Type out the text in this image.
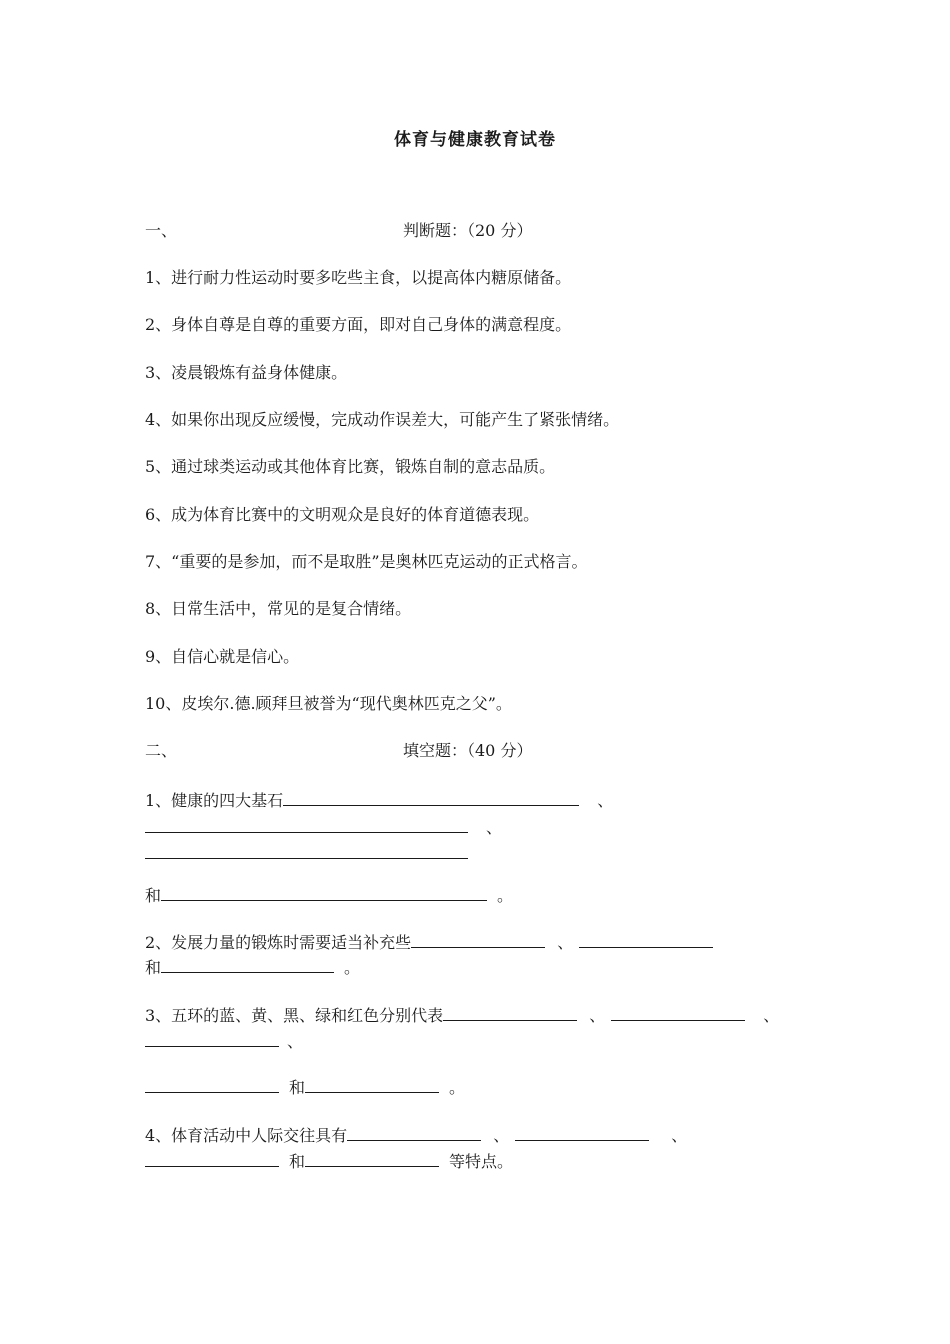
体育与健康教育试卷
一、	判断题：（20 分）
1、进行耐力性运动时要多吃些主食，以提高体内糖原储备。
2、身体自尊是自尊的重要方面，即对自己身体的满意程度。
3、凌晨锻炼有益身体健康。
4、如果你出现反应缓慢，完成动作误差大，可能产生了紧张情绪。
5、通过球类运动或其他体育比赛，锻炼自制的意志品质。
6、成为体育比赛中的文明观众是良好的体育道德表现。
7、“重要的是参加，而不是取胜”是奥林匹克运动的正式格言。
8、日常生活中，常见的是复合情绪。
9、自信心就是信心。
10、皮埃尔.德.顾拜旦被誉为“现代奥林匹克之父”。
二、	填空题：（40 分）
1、健康的四大基石	、
、
和	。
2、发展力量的锻炼时需要适当补充些	、
和	。
3、五环的蓝、黄、黑、绿和红色分别代表	、	、
、
和	。
4、体育活动中人际交往具有	、	、
和	等特点。
